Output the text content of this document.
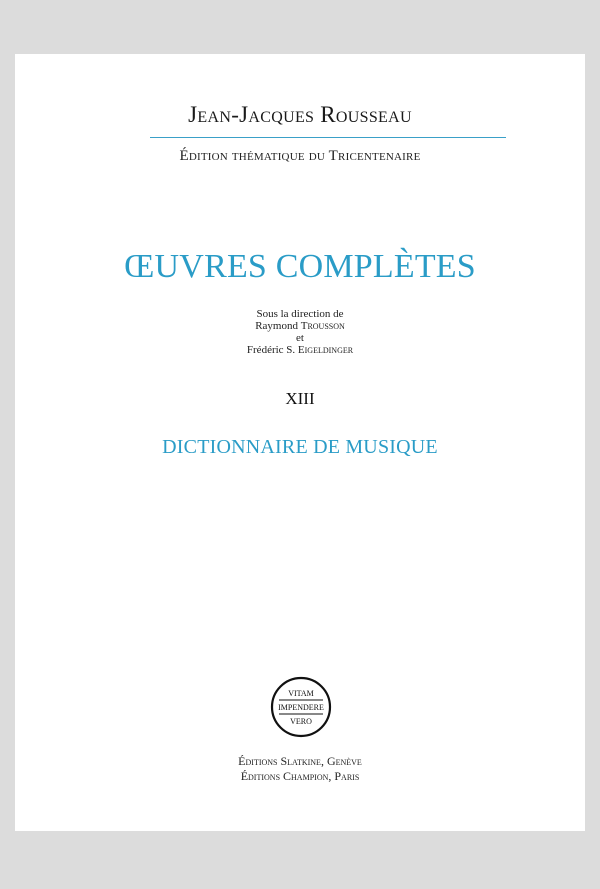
Jean-Jacques Rousseau
Édition thématique du Tricentenaire
ŒUVRES COMPLÈTES
Sous la direction de
Raymond Trousson
et
Frédéric S. Eigeldinger
XIII
DICTIONNAIRE DE MUSIQUE
VITAM
IMPENDERE
VERO
Éditions Slatkine, Genève
Éditions Champion, Paris
